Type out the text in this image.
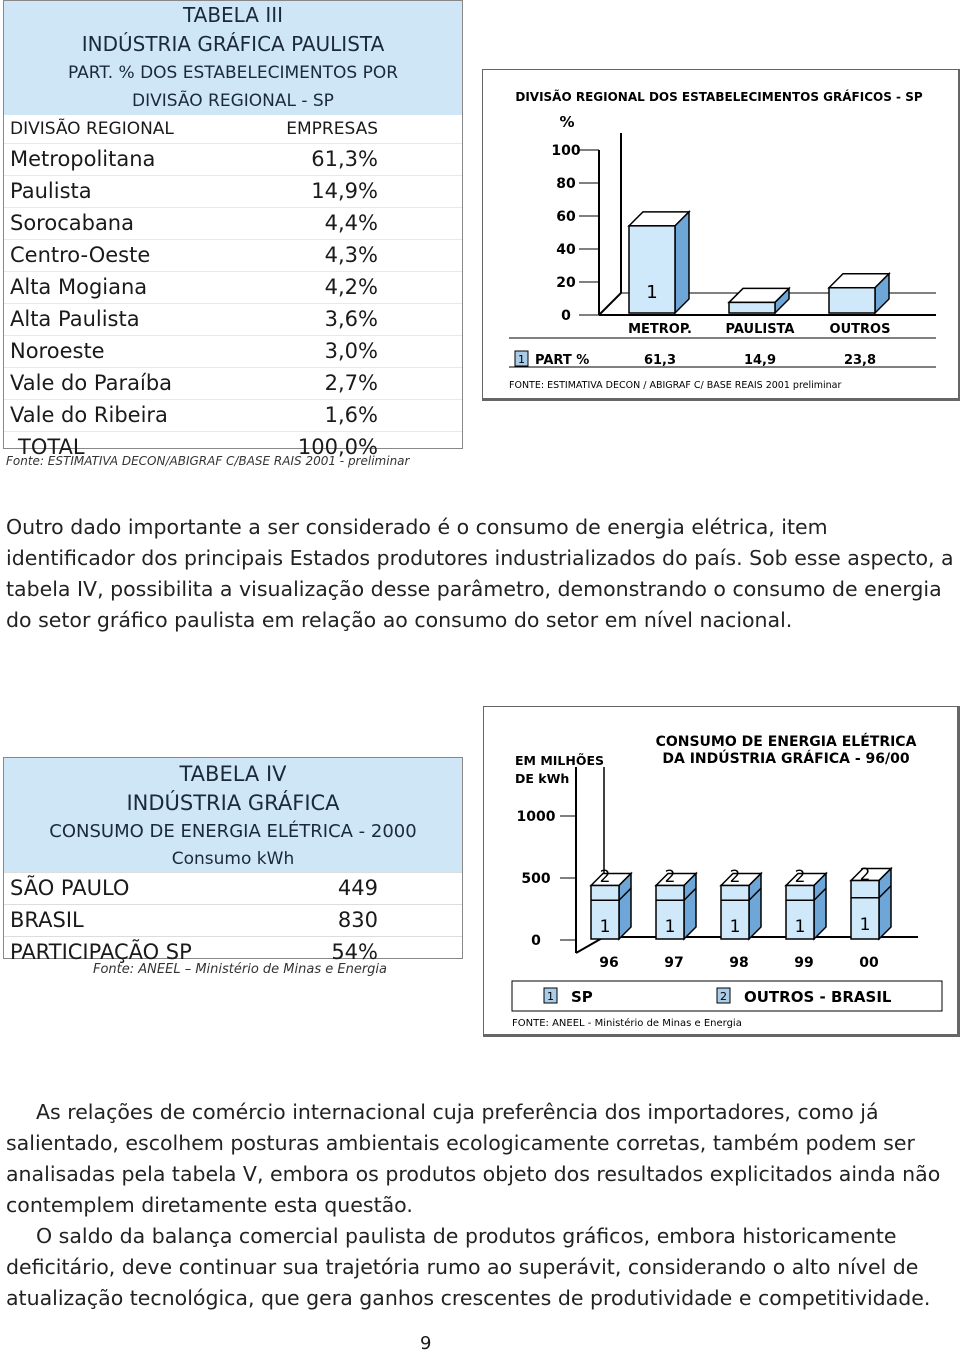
TABELA III
INDÚSTRIA GRÁFICA PAULISTA
PART. % DOS ESTABELECIMENTOS POR
DIVISÃO REGIONAL - SP
DIVISÃO REGIONAL	EMPRESAS
Metropolitana	61,3%
Paulista	14,9%
Sorocabana	4,4%
Centro-Oeste	4,3%
Alta Mogiana	4,2%
Alta Paulista	3,6%
Noroeste	3,0%
Vale do Paraíba	2,7%
Vale do Ribeira	1,6%
TOTAL	100,0%
Fonte: ESTIMATIVA DECON/ABIGRAF C/BASE RAIS 2001 - preliminar
DIVISÃO REGIONAL DOS ESTABELECIMENTOS GRÁFICOS - SP
%
100
80
60
40
20
0
1
METROP.	PAULISTA	OUTROS
1 PART %	61,3	14,9	23,8
FONTE: ESTIMATIVA DECON / ABIGRAF C/ BASE REAIS 2001 preliminar
Outro dado importante a ser considerado é o consumo de energia elétrica, item identificador dos principais Estados produtores industrializados do país. Sob esse aspecto, a tabela IV, possibilita a visualização desse parâmetro, demonstrando o consumo de energia do setor gráfico paulista em relação ao consumo do setor em nível nacional.
TABELA IV
INDÚSTRIA GRÁFICA
CONSUMO DE ENERGIA ELÉTRICA - 2000
Consumo kWh
SÃO PAULO	449
BRASIL	830
PARTICIPAÇÃO SP	54%
Fonte: ANEEL – Ministério de Minas e Energia
CONSUMO DE ENERGIA ELÉTRICA
DA INDÚSTRIA GRÁFICA - 96/00
EM MILHÕES
DE kWh
1000
500
0
2
1
2
1
2
1
2
1
2
1
96	97	98	99	00
1 SP	2 OUTROS - BRASIL
FONTE: ANEEL - Ministério de Minas e Energia
As relações de comércio internacional cuja preferência dos importadores, como já salientado, escolhem posturas ambientais ecologicamente corretas, também podem ser analisadas pela tabela V, embora os produtos objeto dos resultados explicitados ainda não contemplem diretamente esta questão.
O saldo da balança comercial paulista de produtos gráficos, embora historicamente deficitário, deve continuar sua trajetória rumo ao superávit, considerando o alto nível de atualização tecnológica, que gera ganhos crescentes de produtividade e competitividade.
9
